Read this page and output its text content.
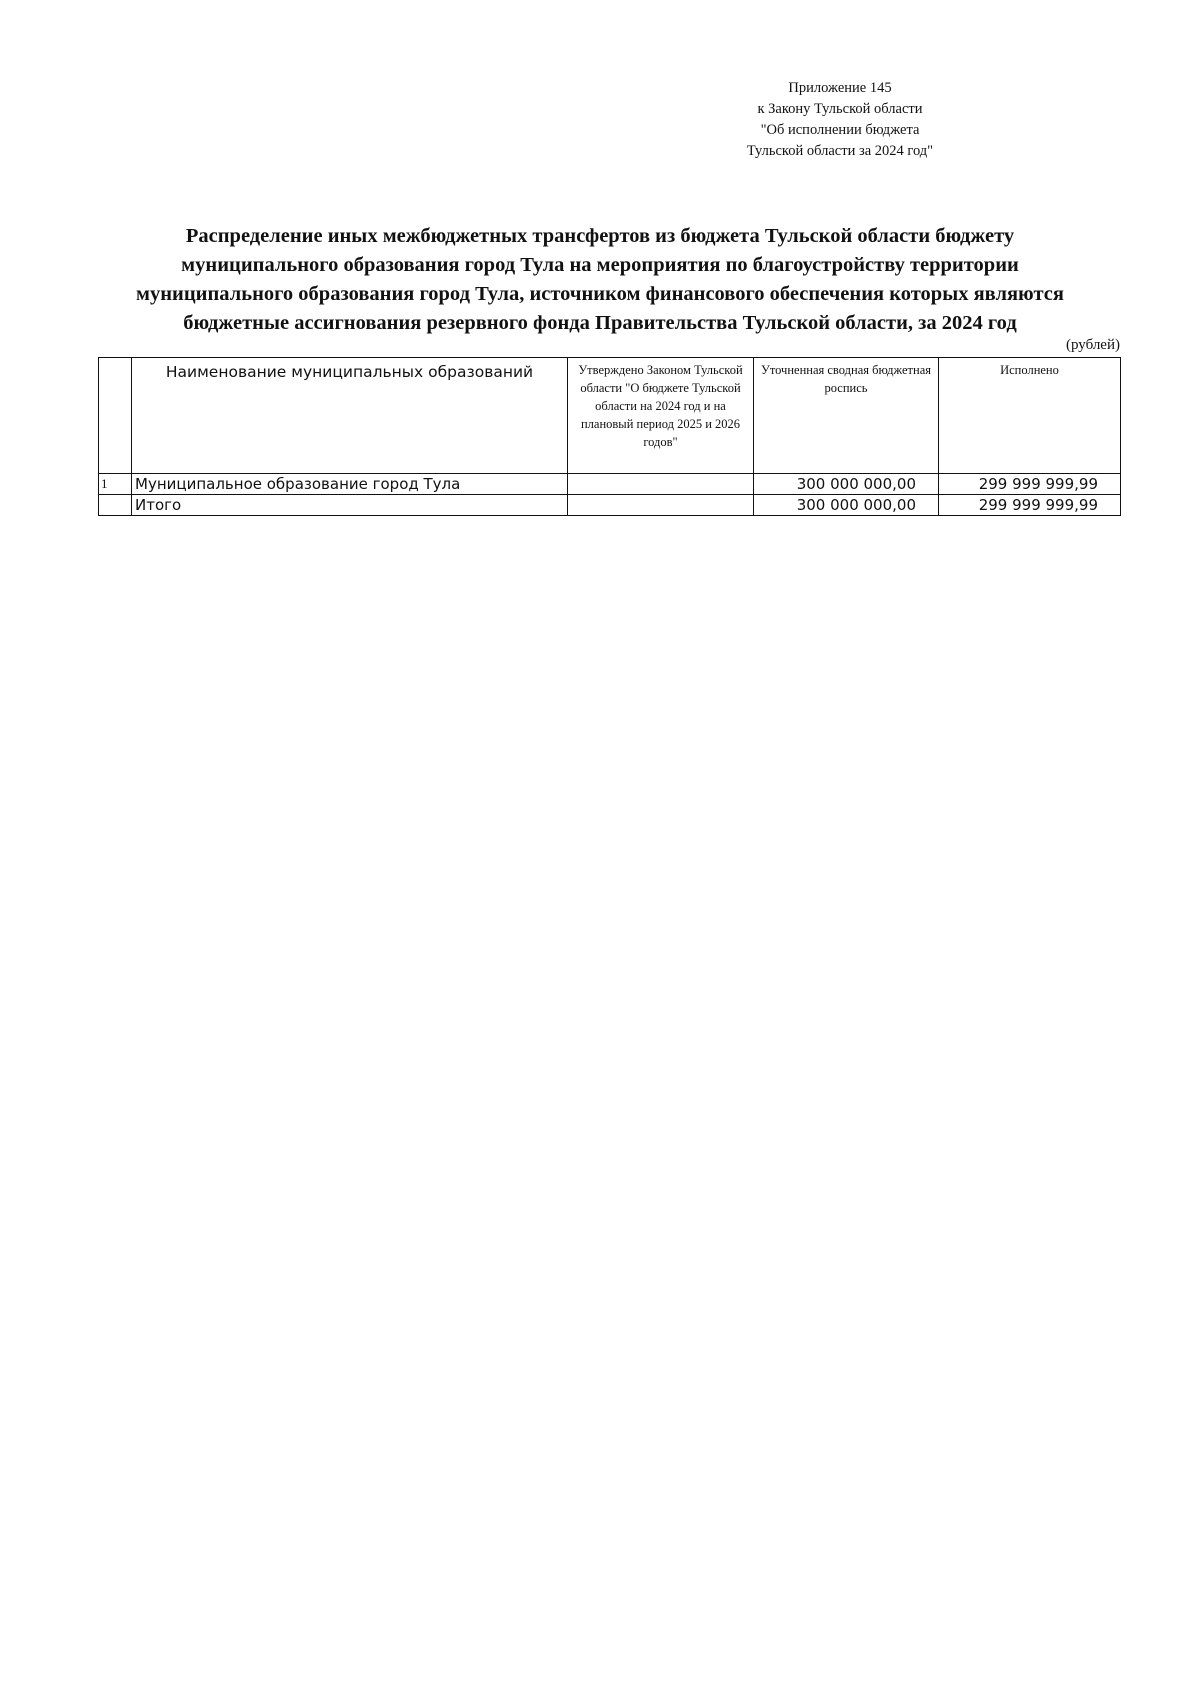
Приложение 145
к Закону Тульской области
"Об исполнении бюджета
Тульской области за 2024 год"
Распределение иных межбюджетных трансфертов из бюджета Тульской области бюджету
муниципального образования город Тула на мероприятия по благоустройству территории
муниципального образования город Тула, источником финансового обеспечения которых являются
бюджетные ассигнования резервного фонда Правительства Тульской области, за 2024 год
(рублей)
	Наименование муниципальных образований	Утверждено Законом Тульской области "О бюджете Тульской области на 2024 год и на плановый период 2025 и 2026 годов"	Уточненная сводная бюджетная роспись	Исполнено
1	Муниципальное образование город Тула		300 000 000,00	299 999 999,99
	Итого		300 000 000,00	299 999 999,99
